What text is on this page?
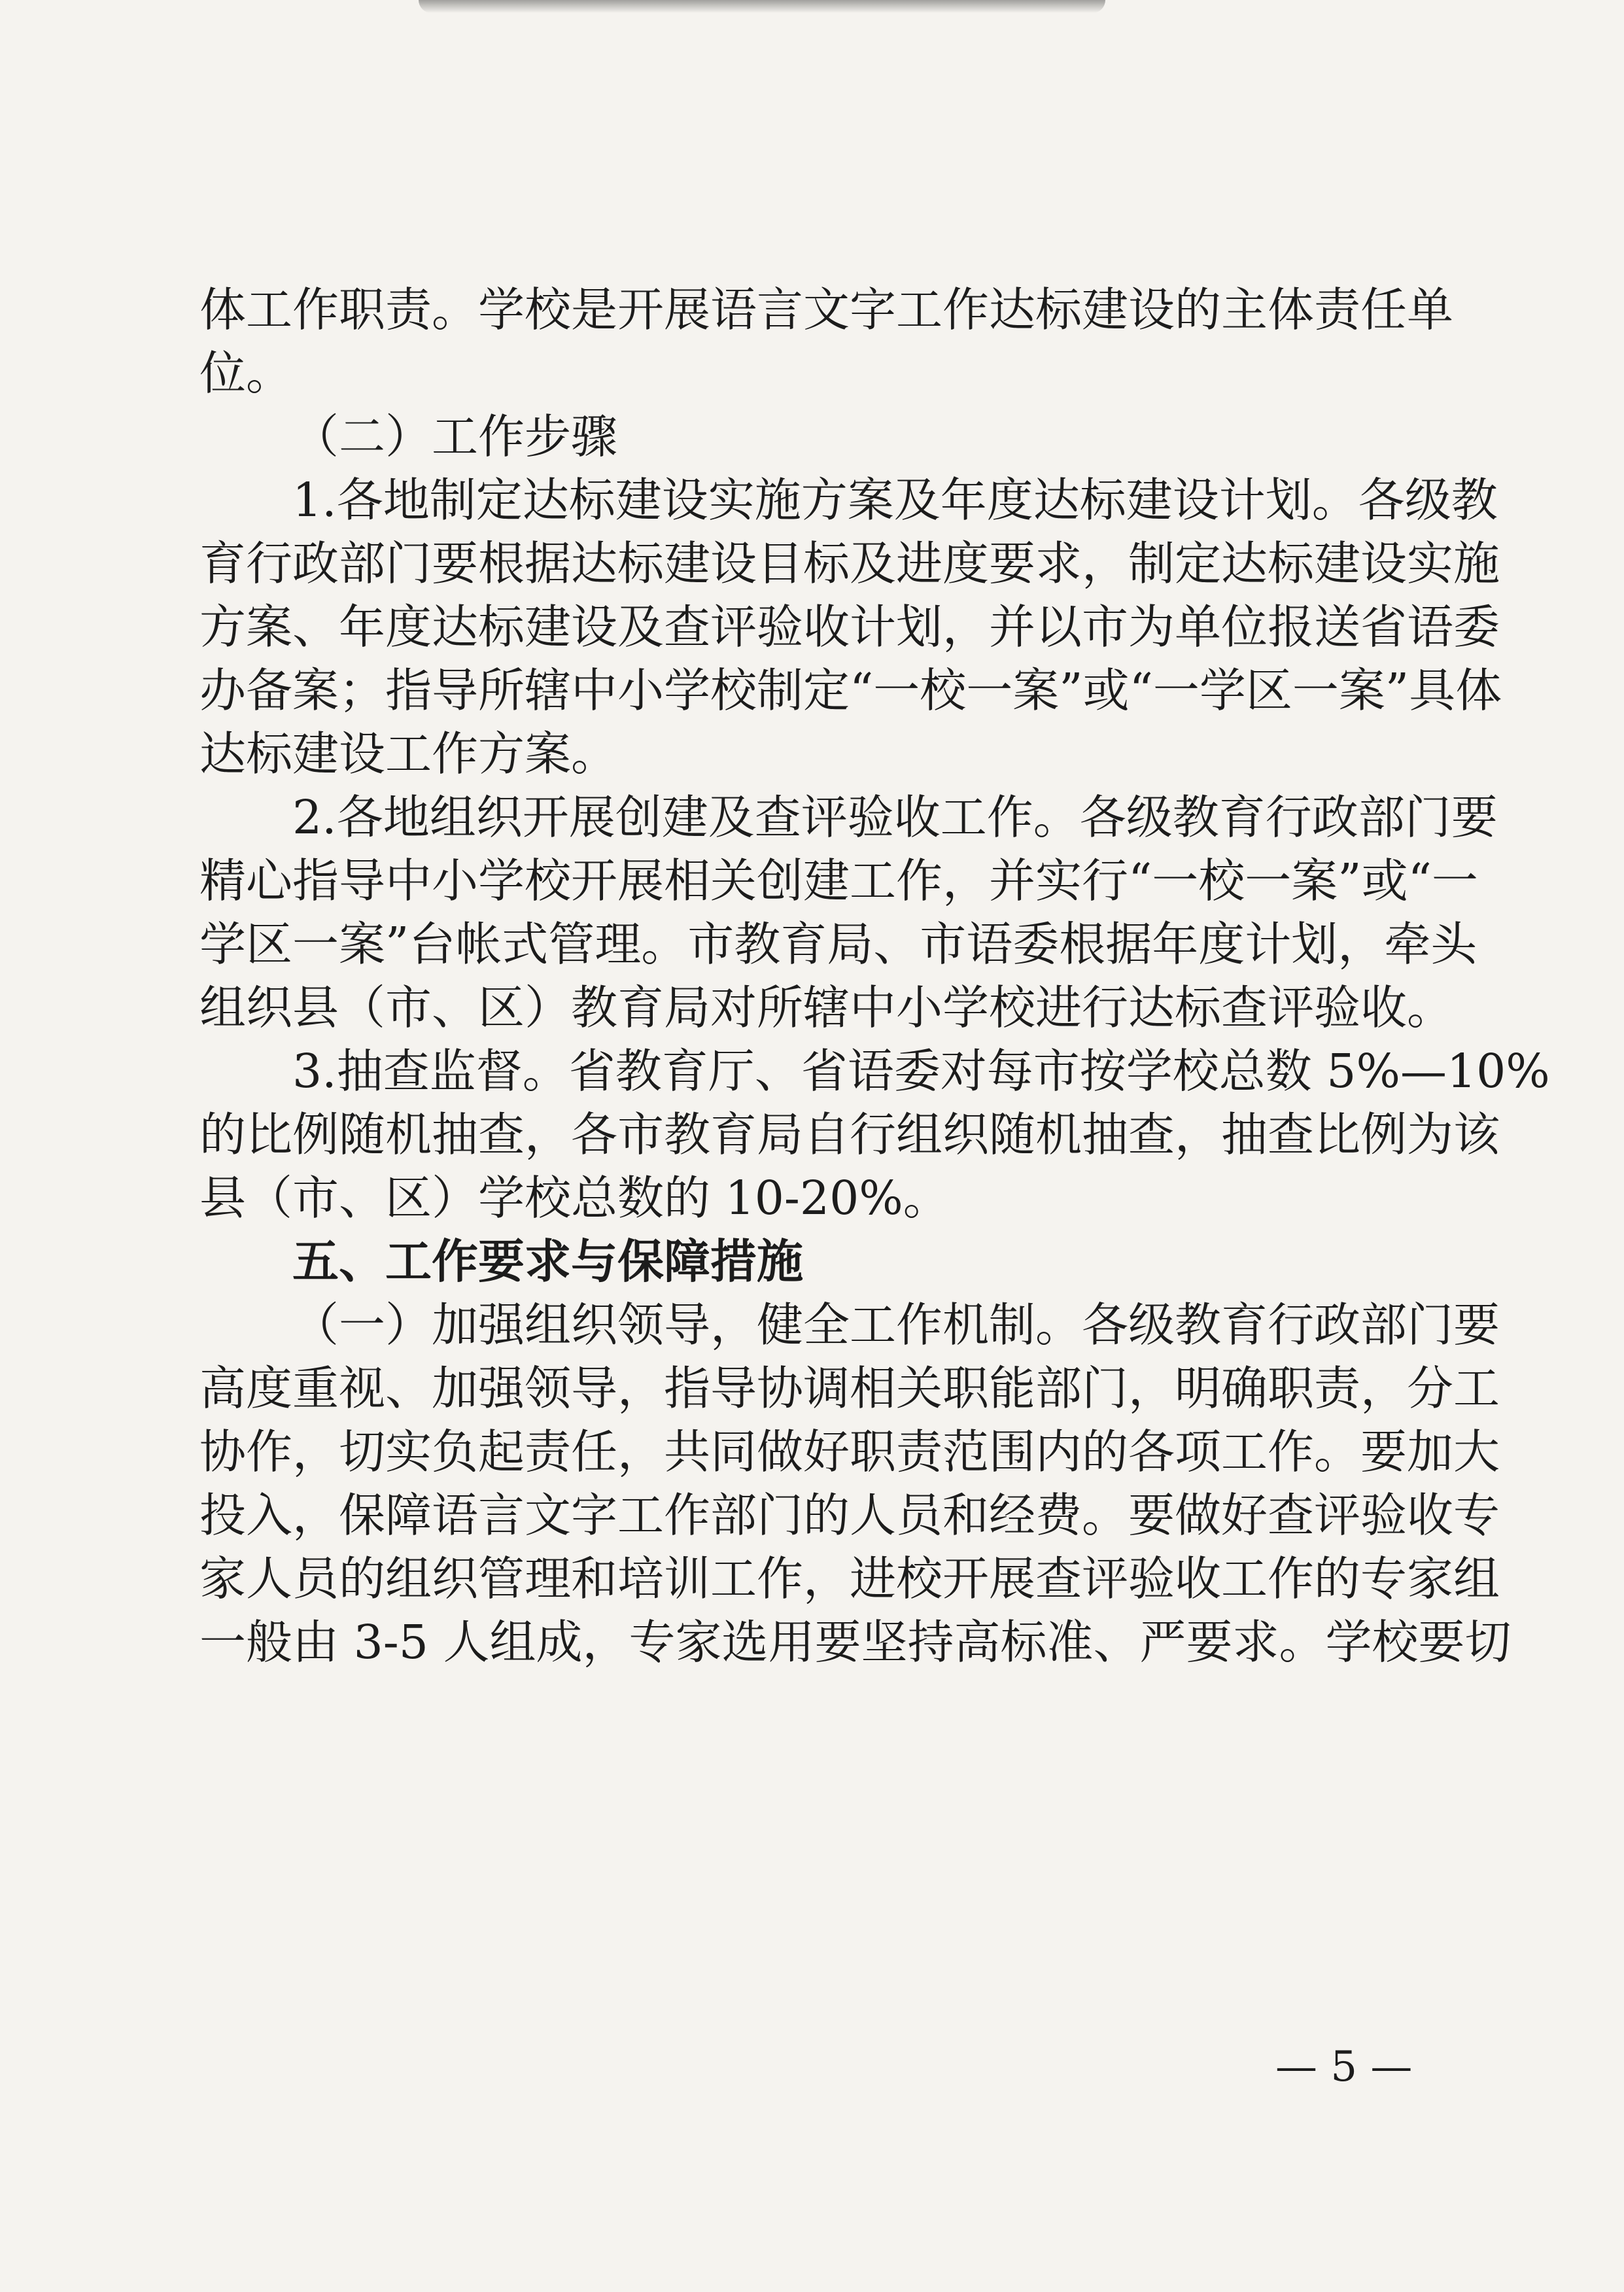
体工作职责。学校是开展语言文字工作达标建设的主体责任单
位。
（二）工作步骤
1.各地制定达标建设实施方案及年度达标建设计划。各级教
育行政部门要根据达标建设目标及进度要求，制定达标建设实施
方案、年度达标建设及查评验收计划，并以市为单位报送省语委
办备案；指导所辖中小学校制定“一校一案”或“一学区一案”具体
达标建设工作方案。
2.各地组织开展创建及查评验收工作。各级教育行政部门要
精心指导中小学校开展相关创建工作，并实行“一校一案”或“一
学区一案”台帐式管理。市教育局、市语委根据年度计划，牵头
组织县（市、区）教育局对所辖中小学校进行达标查评验收。
3.抽查监督。省教育厅、省语委对每市按学校总数 5%—10%
的比例随机抽查，各市教育局自行组织随机抽查，抽查比例为该
县（市、区）学校总数的 10-20%。
五、工作要求与保障措施
（一）加强组织领导，健全工作机制。各级教育行政部门要
高度重视、加强领导，指导协调相关职能部门，明确职责，分工
协作，切实负起责任，共同做好职责范围内的各项工作。要加大
投入，保障语言文字工作部门的人员和经费。要做好查评验收专
家人员的组织管理和培训工作，进校开展查评验收工作的专家组
一般由 3-5 人组成，专家选用要坚持高标准、严要求。学校要切
— 5 —
